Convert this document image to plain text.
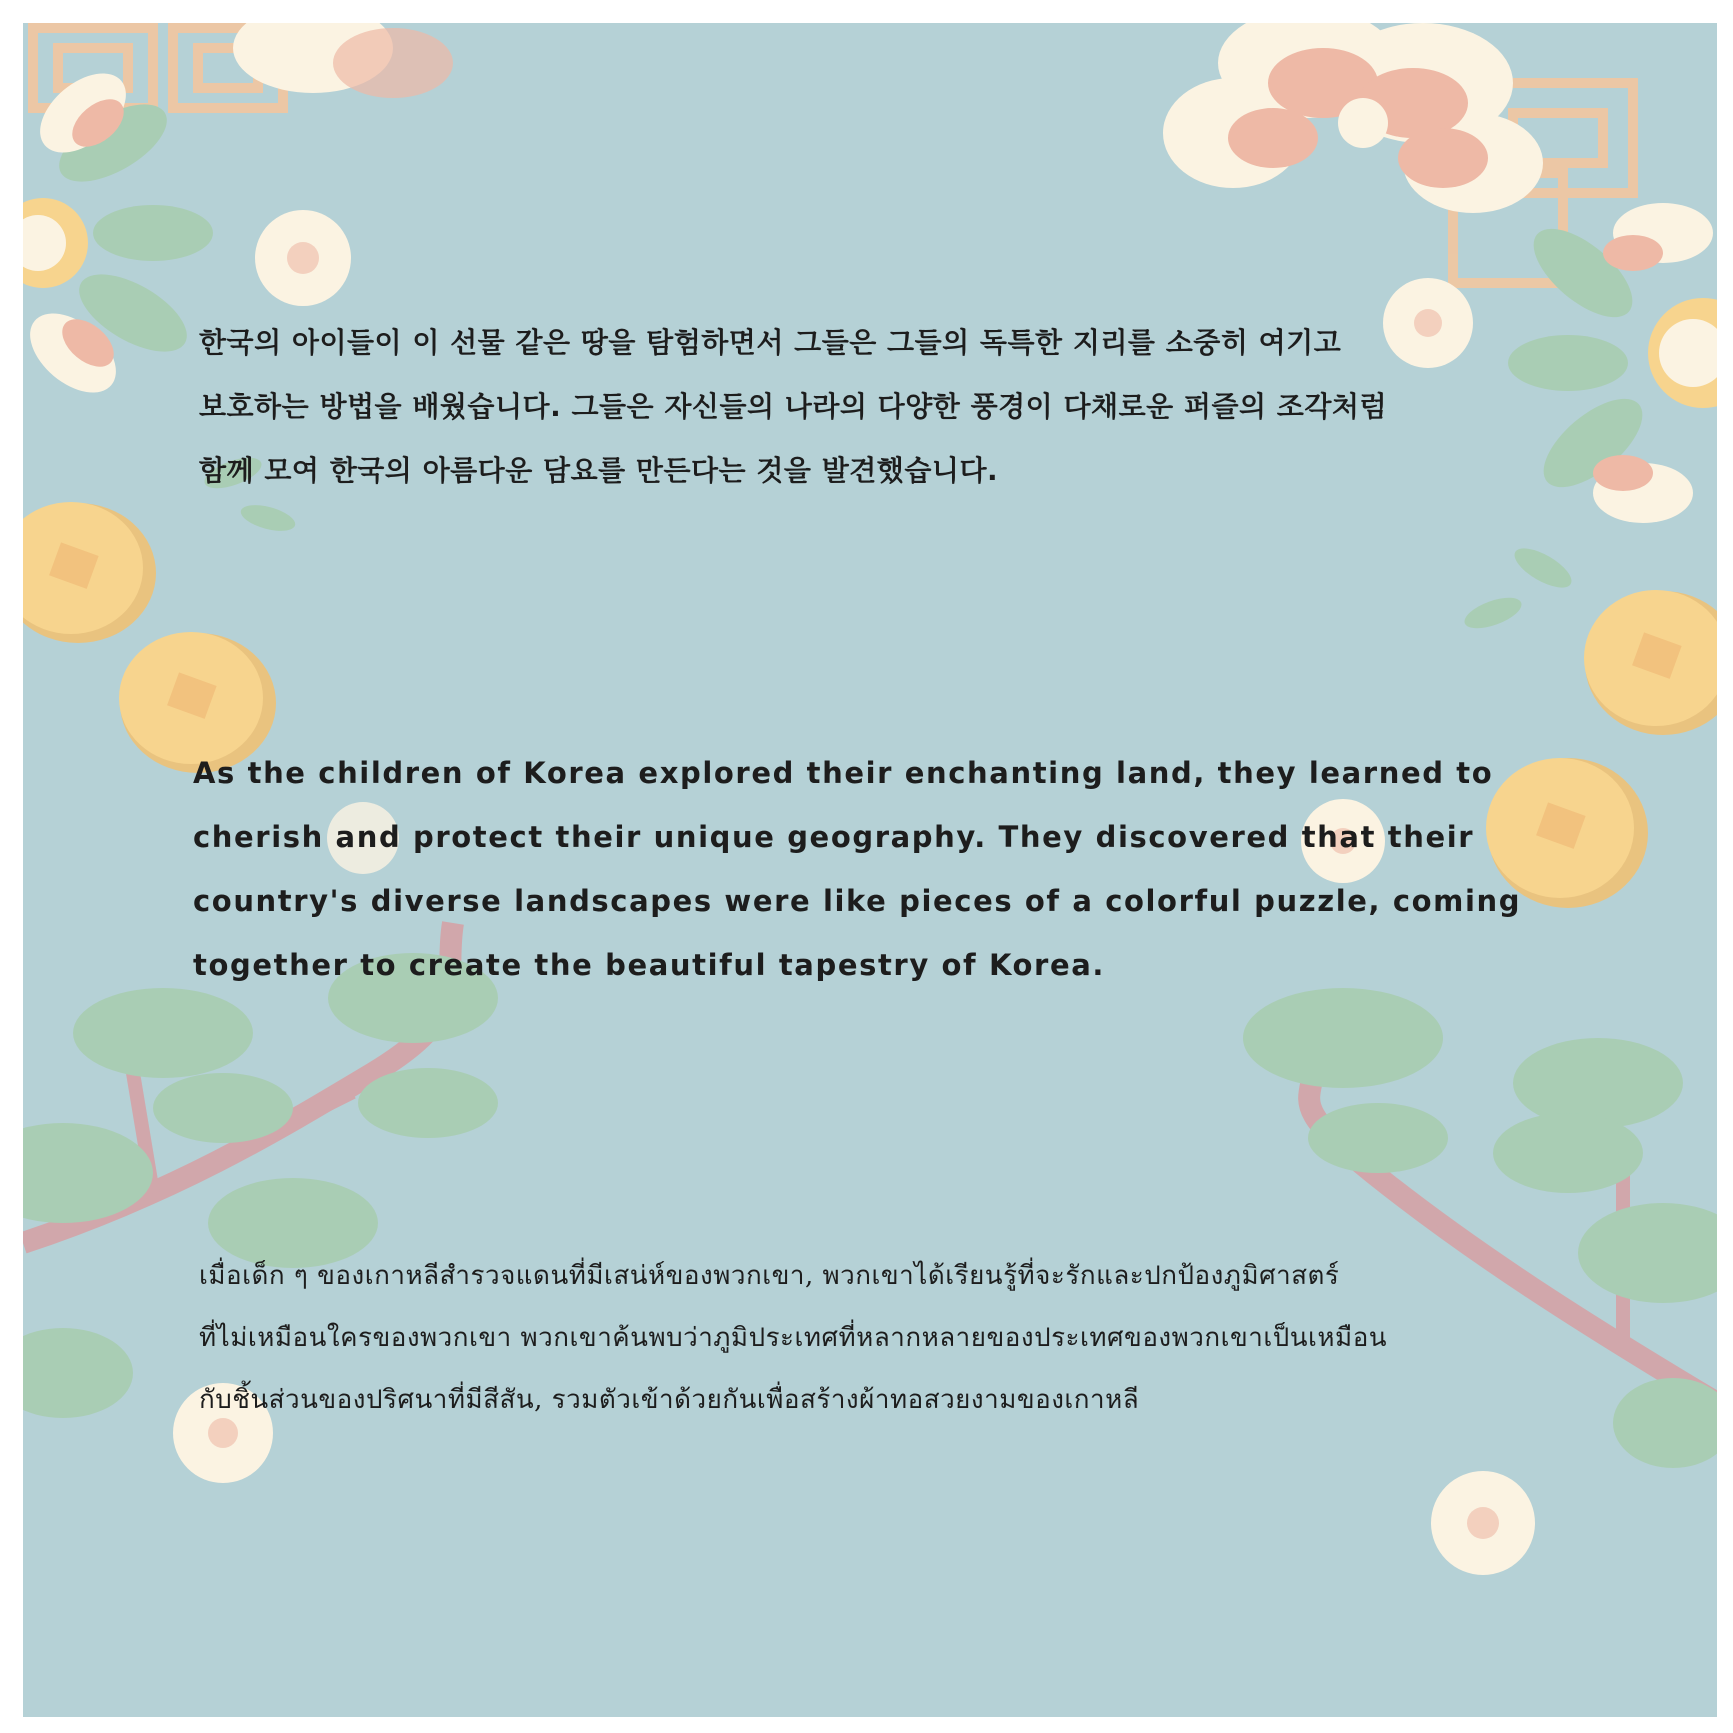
한국의 아이들이 이 선물 같은 땅을 탐험하면서 그들은 그들의 독특한 지리를 소중히 여기고
보호하는 방법을 배웠습니다. 그들은 자신들의 나라의 다양한 풍경이 다채로운 퍼즐의 조각처럼
함께 모여 한국의 아름다운 담요를 만든다는 것을 발견했습니다.
As the children of Korea explored their enchanting land, they learned to
cherish and protect their unique geography. They discovered that their
country's diverse landscapes were like pieces of a colorful puzzle, coming
together to create the beautiful tapestry of Korea.
เมื่อเด็ก ๆ ของเกาหลีสำรวจแดนที่มีเสน่ห์ของพวกเขา, พวกเขาได้เรียนรู้ที่จะรักและปกป้องภูมิศาสตร์
ที่ไม่เหมือนใครของพวกเขา พวกเขาค้นพบว่าภูมิประเทศที่หลากหลายของประเทศของพวกเขาเป็นเหมือน
กับชิ้นส่วนของปริศนาที่มีสีสัน, รวมตัวเข้าด้วยกันเพื่อสร้างผ้าทอสวยงามของเกาหลี
